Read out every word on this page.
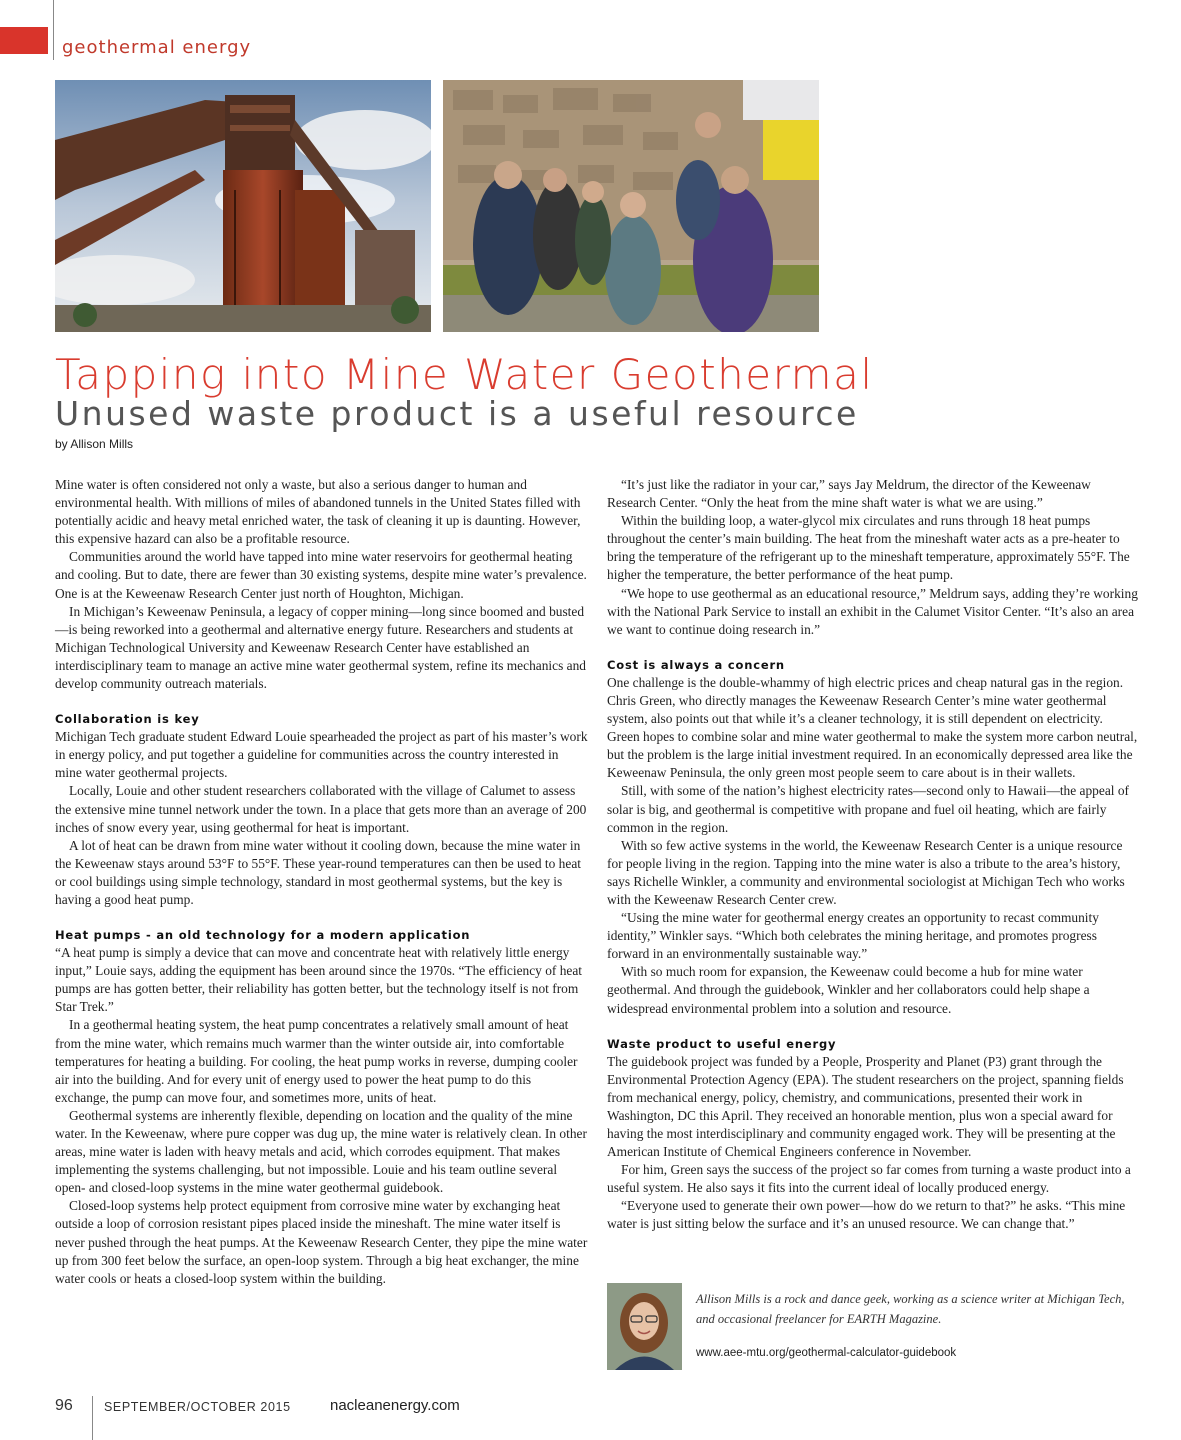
geothermal energy
Tapping into Mine Water Geothermal
Unused waste product is a useful resource
by Allison Mills

Mine water is often considered not only a waste, but also a serious danger to human and environmental health. With millions of miles of abandoned tunnels in the United States filled with potentially acidic and heavy metal enriched water, the task of cleaning it up is daunting. However, this expensive hazard can also be a profitable resource.

Communities around the world have tapped into mine water reservoirs for geothermal heating and cooling. But to date, there are fewer than 30 existing systems, despite mine water’s prevalence. One is at the Keweenaw Research Center just north of Houghton, Michigan.

In Michigan’s Keweenaw Peninsula, a legacy of copper mining—long since boomed and busted—is being reworked into a geothermal and alternative energy future. Researchers and students at Michigan Technological University and Keweenaw Research Center have established an interdisciplinary team to manage an active mine water geothermal system, refine its mechanics and develop community outreach materials.

Collaboration is key

Michigan Tech graduate student Edward Louie spearheaded the project as part of his master’s work in energy policy, and put together a guideline for communities across the country interested in mine water geothermal projects.

Locally, Louie and other student researchers collaborated with the village of Calumet to assess the extensive mine tunnel network under the town. In a place that gets more than an average of 200 inches of snow every year, using geothermal for heat is important.

A lot of heat can be drawn from mine water without it cooling down, because the mine water in the Keweenaw stays around 53°F to 55°F. These year-round temperatures can then be used to heat or cool buildings using simple technology, standard in most geothermal systems, but the key is having a good heat pump.

Heat pumps - an old technology for a modern application

“A heat pump is simply a device that can move and concentrate heat with relatively little energy input,” Louie says, adding the equipment has been around since the 1970s. “The efficiency of heat pumps are has gotten better, their reliability has gotten better, but the technology itself is not from Star Trek.”

In a geothermal heating system, the heat pump concentrates a relatively small amount of heat from the mine water, which remains much warmer than the winter outside air, into comfortable temperatures for heating a building. For cooling, the heat pump works in reverse, dumping cooler air into the building. And for every unit of energy used to power the heat pump to do this exchange, the pump can move four, and sometimes more, units of heat.

Geothermal systems are inherently flexible, depending on location and the quality of the mine water. In the Keweenaw, where pure copper was dug up, the mine water is relatively clean. In other areas, mine water is laden with heavy metals and acid, which corrodes equipment. That makes implementing the systems challenging, but not impossible. Louie and his team outline several open- and closed-loop systems in the mine water geothermal guidebook.

Closed-loop systems help protect equipment from corrosive mine water by exchanging heat outside a loop of corrosion resistant pipes placed inside the mineshaft. The mine water itself is never pushed through the heat pumps. At the Keweenaw Research Center, they pipe the mine water up from 300 feet below the surface, an open-loop system. Through a big heat exchanger, the mine water cools or heats a closed-loop system within the building.

“It’s just like the radiator in your car,” says Jay Meldrum, the director of the Keweenaw Research Center. “Only the heat from the mine shaft water is what we are using.”

Within the building loop, a water-glycol mix circulates and runs through 18 heat pumps throughout the center’s main building. The heat from the mineshaft water acts as a pre-heater to bring the temperature of the refrigerant up to the mineshaft temperature, approximately 55°F. The higher the temperature, the better performance of the heat pump.

“We hope to use geothermal as an educational resource,” Meldrum says, adding they’re working with the National Park Service to install an exhibit in the Calumet Visitor Center. “It’s also an area we want to continue doing research in.”

Cost is always a concern

One challenge is the double-whammy of high electric prices and cheap natural gas in the region. Chris Green, who directly manages the Keweenaw Research Center’s mine water geothermal system, also points out that while it’s a cleaner technology, it is still dependent on electricity. Green hopes to combine solar and mine water geothermal to make the system more carbon neutral, but the problem is the large initial investment required. In an economically depressed area like the Keweenaw Peninsula, the only green most people seem to care about is in their wallets.

Still, with some of the nation’s highest electricity rates—second only to Hawaii—the appeal of solar is big, and geothermal is competitive with propane and fuel oil heating, which are fairly common in the region.

With so few active systems in the world, the Keweenaw Research Center is a unique resource for people living in the region. Tapping into the mine water is also a tribute to the area’s history, says Richelle Winkler, a community and environmental sociologist at Michigan Tech who works with the Keweenaw Research Center crew.

“Using the mine water for geothermal energy creates an opportunity to recast community identity,” Winkler says. “Which both celebrates the mining heritage, and promotes progress forward in an environmentally sustainable way.”

With so much room for expansion, the Keweenaw could become a hub for mine water geothermal. And through the guidebook, Winkler and her collaborators could help shape a widespread environmental problem into a solution and resource.

Waste product to useful energy

The guidebook project was funded by a People, Prosperity and Planet (P3) grant through the Environmental Protection Agency (EPA). The student researchers on the project, spanning fields from mechanical energy, policy, chemistry, and communications, presented their work in Washington, DC this April. They received an honorable mention, plus won a special award for having the most interdisciplinary and community engaged work. They will be presenting at the American Institute of Chemical Engineers conference in November.

For him, Green says the success of the project so far comes from turning a waste product into a useful system. He also says it fits into the current ideal of locally produced energy.

“Everyone used to generate their own power—how do we return to that?” he asks. “This mine water is just sitting below the surface and it’s an unused resource. We can change that.”

Allison Mills is a rock and dance geek, working as a science writer at Michigan Tech, and occasional freelancer for EARTH Magazine.
www.aee-mtu.org/geothermal-calculator-guidebook
96 SEPTEMBER/OCTOBER 2015	nacleanenergy.com
